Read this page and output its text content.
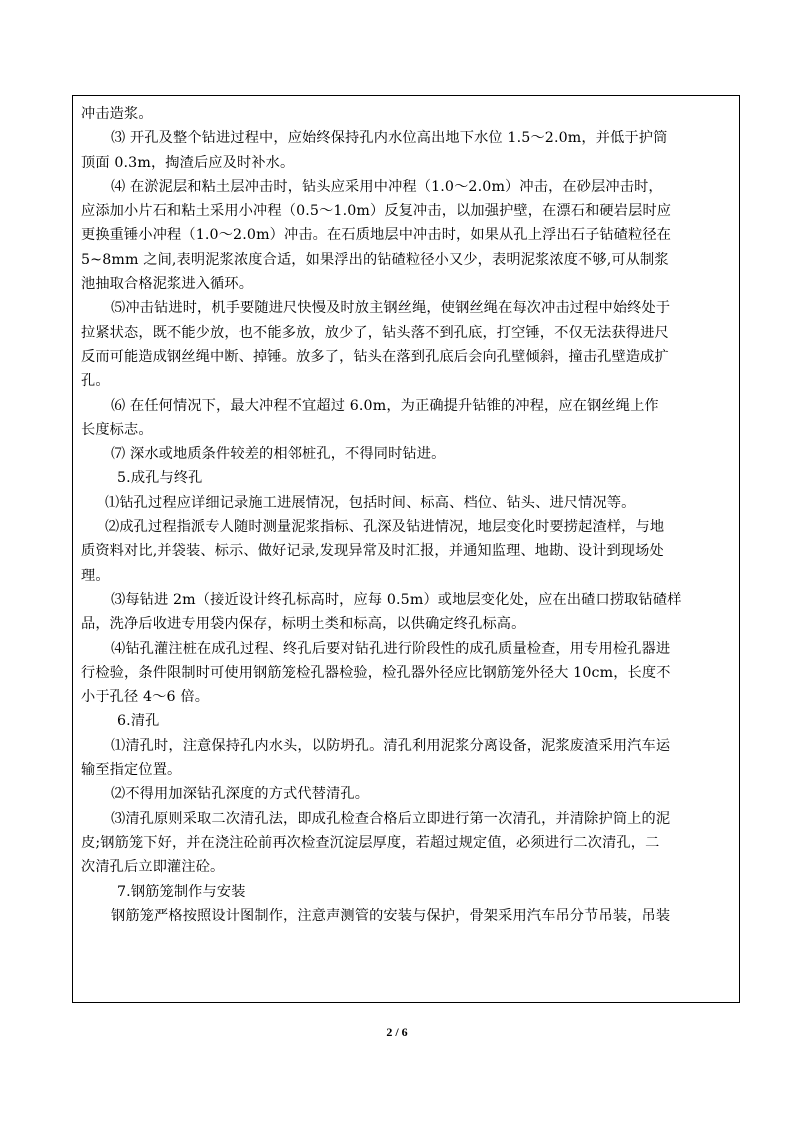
冲击造浆。
⑶ 开孔及整个钻进过程中，应始终保持孔内水位高出地下水位 1.5～2.0m，并低于护筒
顶面 0.3m，掏渣后应及时补水。
⑷ 在淤泥层和粘土层冲击时，钻头应采用中冲程（1.0～2.0m）冲击，在砂层冲击时，
应添加小片石和粘土采用小冲程（0.5～1.0m）反复冲击，以加强护壁，在漂石和硬岩层时应
更换重锤小冲程（1.0～2.0m）冲击。在石质地层中冲击时，如果从孔上浮出石子钻碴粒径在
5~8mm 之间,表明泥浆浓度合适，如果浮出的钻碴粒径小又少，表明泥浆浓度不够,可从制浆
池抽取合格泥浆进入循环。
⑸冲击钻进时，机手要随进尺快慢及时放主钢丝绳，使钢丝绳在每次冲击过程中始终处于
拉紧状态，既不能少放，也不能多放，放少了，钻头落不到孔底，打空锤，不仅无法获得进尺
反而可能造成钢丝绳中断、掉锤。放多了，钻头在落到孔底后会向孔壁倾斜，撞击孔壁造成扩
孔。
⑹ 在任何情况下，最大冲程不宜超过 6.0m，为正确提升钻锥的冲程，应在钢丝绳上作
长度标志。
⑺ 深水或地质条件较差的相邻桩孔，不得同时钻进。
5.成孔与终孔
⑴钻孔过程应详细记录施工进展情况，包括时间、标高、档位、钻头、进尺情况等。
⑵成孔过程指派专人随时测量泥浆指标、孔深及钻进情况，地层变化时要捞起渣样，与地
质资料对比,并袋装、标示、做好记录,发现异常及时汇报，并通知监理、地勘、设计到现场处
理。
⑶每钻进 2m（接近设计终孔标高时，应每 0.5m）或地层变化处，应在出碴口捞取钻碴样
品，洗净后收进专用袋内保存，标明土类和标高，以供确定终孔标高。
⑷钻孔灌注桩在成孔过程、终孔后要对钻孔进行阶段性的成孔质量检查，用专用检孔器进
行检验，条件限制时可使用钢筋笼检孔器检验，检孔器外径应比钢筋笼外径大 10cm，长度不
小于孔径 4～6 倍。
6.清孔
⑴清孔时，注意保持孔内水头，以防坍孔。清孔利用泥浆分离设备，泥浆废渣采用汽车运
输至指定位置。
⑵不得用加深钻孔深度的方式代替清孔。
⑶清孔原则采取二次清孔法，即成孔检查合格后立即进行第一次清孔，并清除护筒上的泥
皮;钢筋笼下好，并在浇注砼前再次检查沉淀层厚度，若超过规定值，必须进行二次清孔，二
次清孔后立即灌注砼。
7.钢筋笼制作与安装
钢筋笼严格按照设计图制作，注意声测管的安装与保护，骨架采用汽车吊分节吊装，吊装
2 / 6
